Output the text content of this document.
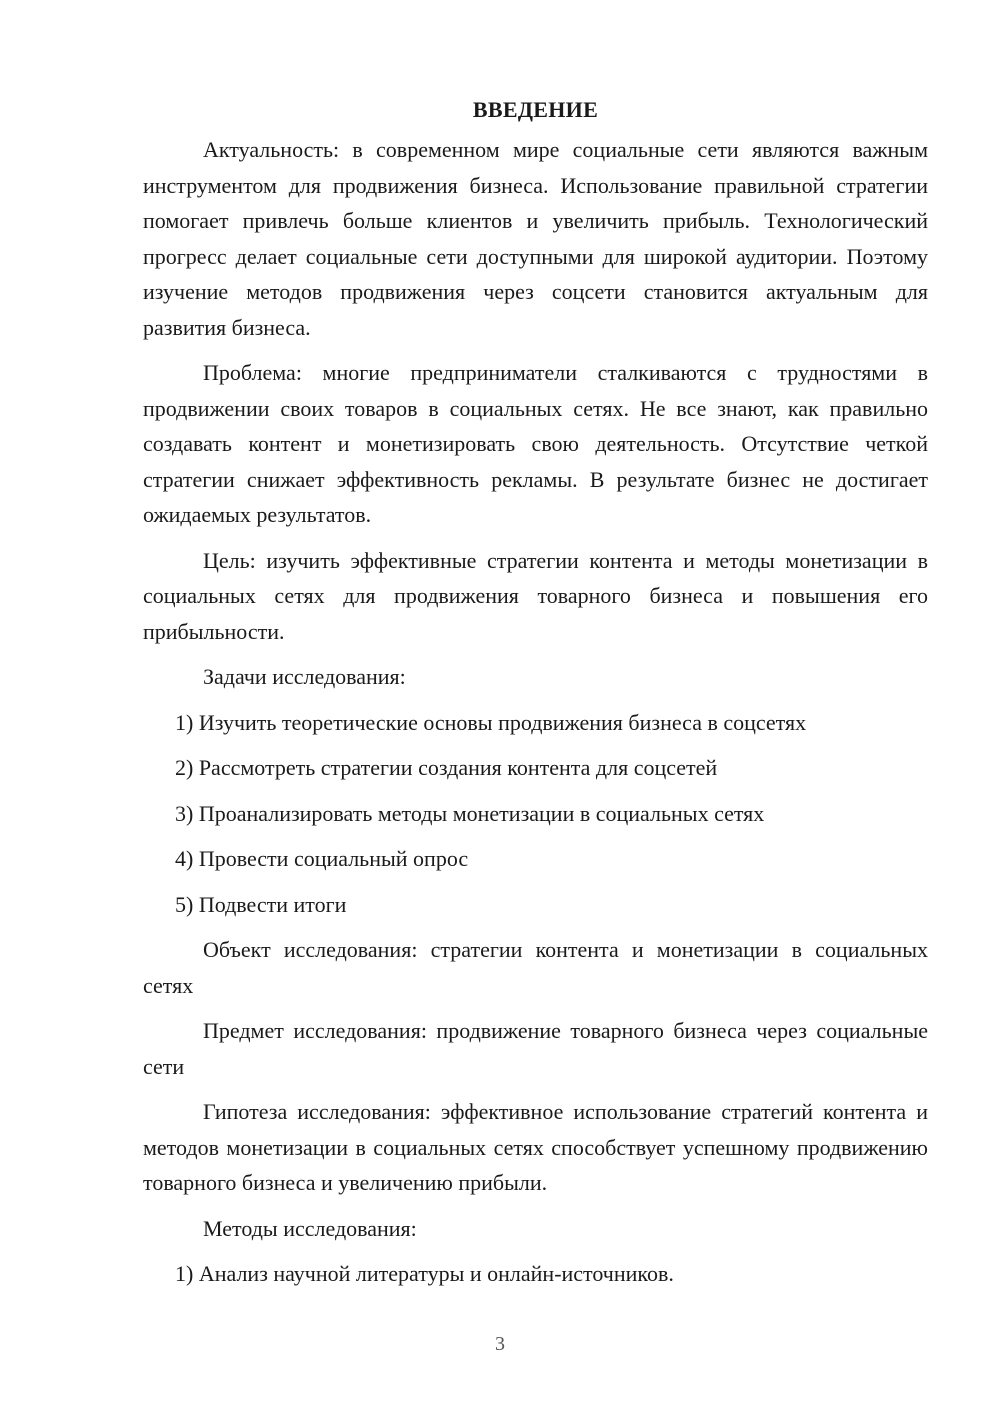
ВВЕДЕНИЕ

Актуальность: в современном мире социальные сети являются важным инструментом для продвижения бизнеса. Использование правильной стратегии помогает привлечь больше клиентов и увеличить прибыль. Технологический прогресс делает социальные сети доступными для широкой аудитории. Поэтому изучение методов продвижения через соцсети становится актуальным для развития бизнеса.

Проблема: многие предприниматели сталкиваются с трудностями в продвижении своих товаров в социальных сетях. Не все знают, как правильно создавать контент и монетизировать свою деятельность. Отсутствие четкой стратегии снижает эффективность рекламы. В результате бизнес не достигает ожидаемых результатов.

Цель: изучить эффективные стратегии контента и методы монетизации в социальных сетях для продвижения товарного бизнеса и повышения его прибыльности.

Задачи исследования:

1) Изучить теоретические основы продвижения бизнеса в соцсетях

2) Рассмотреть стратегии создания контента для соцсетей

3) Проанализировать методы монетизации в социальных сетях

4) Провести социальный опрос

5) Подвести итоги

Объект исследования: стратегии контента и монетизации в социальных сетях

Предмет исследования: продвижение товарного бизнеса через социальные сети

Гипотеза исследования: эффективное использование стратегий контента и методов монетизации в социальных сетях способствует успешному продвижению товарного бизнеса и увеличению прибыли.

Методы исследования:

1) Анализ научной литературы и онлайн-источников.

3
